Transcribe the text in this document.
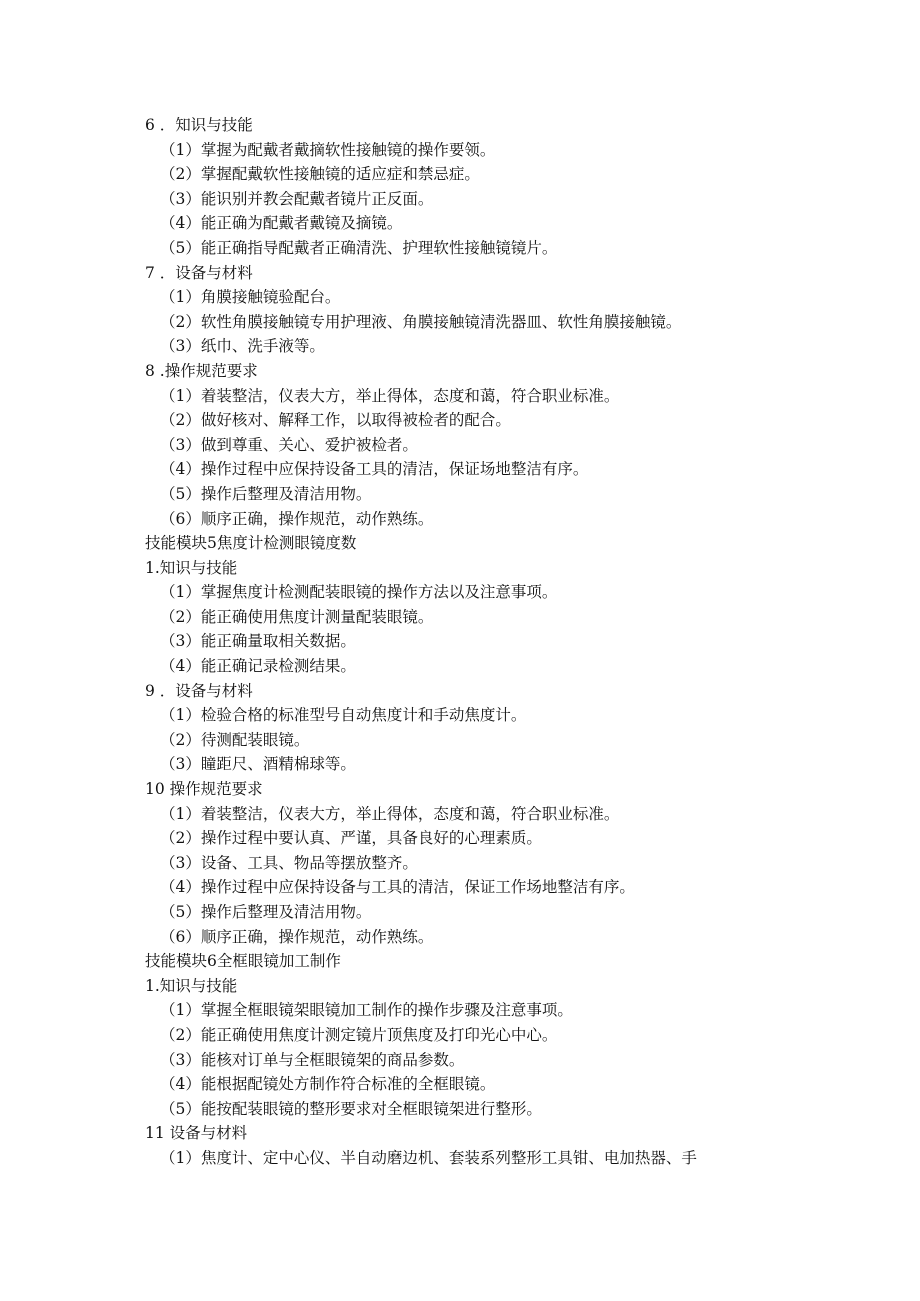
6 ．知识与技能
（1）掌握为配戴者戴摘软性接触镜的操作要领。
（2）掌握配戴软性接触镜的适应症和禁忌症。
（3）能识别并教会配戴者镜片正反面。
（4）能正确为配戴者戴镜及摘镜。
（5）能正确指导配戴者正确清洗、护理软性接触镜镜片。
7 ．设备与材料
（1）角膜接触镜验配台。
（2）软性角膜接触镜专用护理液、角膜接触镜清洗器皿、软性角膜接触镜。
（3）纸巾、洗手液等。
8 .操作规范要求
（1）着装整洁，仪表大方，举止得体，态度和蔼，符合职业标准。
（2）做好核对、解释工作，以取得被检者的配合。
（3）做到尊重、关心、爱护被检者。
（4）操作过程中应保持设备工具的清洁，保证场地整洁有序。
（5）操作后整理及清洁用物。
（6）顺序正确，操作规范，动作熟练。
技能模块5焦度计检测眼镜度数
1.知识与技能
（1）掌握焦度计检测配装眼镜的操作方法以及注意事项。
（2）能正确使用焦度计测量配装眼镜。
（3）能正确量取相关数据。
（4）能正确记录检测结果。
9 ．设备与材料
（1）检验合格的标准型号自动焦度计和手动焦度计。
（2）待测配装眼镜。
（3）瞳距尺、酒精棉球等。
10 操作规范要求
（1）着装整洁，仪表大方，举止得体，态度和蔼，符合职业标准。
（2）操作过程中要认真、严谨，具备良好的心理素质。
（3）设备、工具、物品等摆放整齐。
（4）操作过程中应保持设备与工具的清洁，保证工作场地整洁有序。
（5）操作后整理及清洁用物。
（6）顺序正确，操作规范，动作熟练。
技能模块6全框眼镜加工制作
1.知识与技能
（1）掌握全框眼镜架眼镜加工制作的操作步骤及注意事项。
（2）能正确使用焦度计测定镜片顶焦度及打印光心中心。
（3）能核对订单与全框眼镜架的商品参数。
（4）能根据配镜处方制作符合标准的全框眼镜。
（5）能按配装眼镜的整形要求对全框眼镜架进行整形。
11 设备与材料
（1）焦度计、定中心仪、半自动磨边机、套装系列整形工具钳、电加热器、手
